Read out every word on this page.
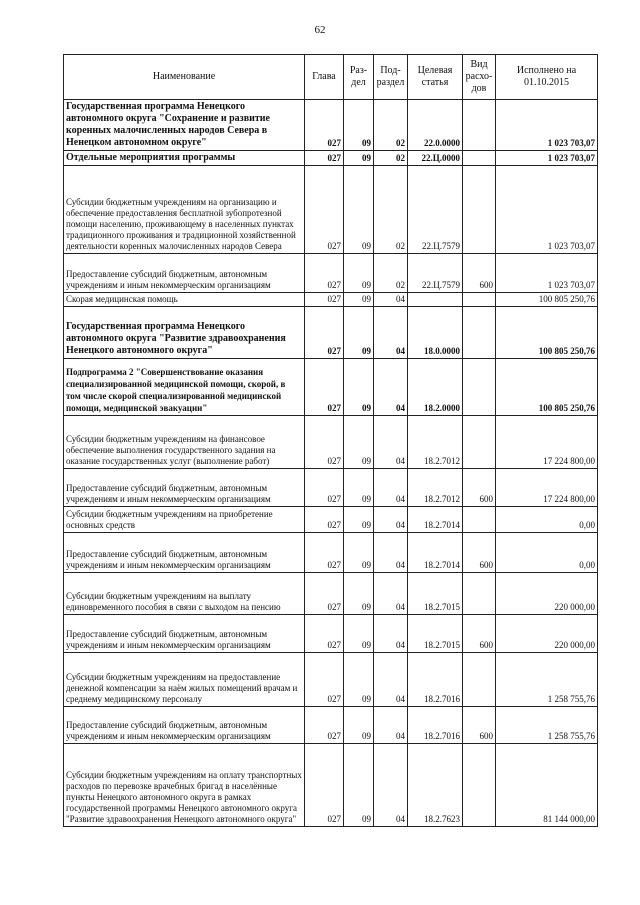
62
Наименование	Глава	Раз-дел	Под-раздел	Целевая статья	Вид расхо-дов	Исполнено на 01.10.2015
Государственная программа Ненецкого автономного округа "Сохранение и развитие коренных малочисленных народов Севера в Ненецком автономном округе"	027	09	02	22.0.0000		1 023 703,07
Отдельные мероприятия программы	027	09	02	22.Ц.0000		1 023 703,07
Субсидии бюджетным учреждениям на организацию и обеспечение предоставления бесплатной зубопротезной помощи населению, проживающему в населенных пунктах традиционного проживания и традиционной хозяйственной деятельности коренных малочисленных народов Севера	027	09	02	22.Ц.7579		1 023 703,07
Предоставление субсидий бюджетным, автономным учреждениям и иным некоммерческим организациям	027	09	02	22.Ц.7579	600	1 023 703,07
Скорая медицинская помощь	027	09	04			100 805 250,76
Государственная программа Ненецкого автономного округа "Развитие здравоохранения Ненецкого автономного округа"	027	09	04	18.0.0000		100 805 250,76
Подпрограмма 2 "Совершенствование оказания специализированной медицинской помощи, скорой, в том числе скорой специализированной медицинской помощи, медицинской эвакуации"	027	09	04	18.2.0000		100 805 250,76
Субсидии бюджетным учреждениям на финансовое обеспечение выполнения государственного задания на оказание государственных услуг (выполнение работ)	027	09	04	18.2.7012		17 224 800,00
Предоставление субсидий бюджетным, автономным учреждениям и иным некоммерческим организациям	027	09	04	18.2.7012	600	17 224 800,00
Субсидии бюджетным учреждениям на приобретение основных средств	027	09	04	18.2.7014		0,00
Предоставление субсидий бюджетным, автономным учреждениям и иным некоммерческим организациям	027	09	04	18.2.7014	600	0,00
Субсидии бюджетным учреждениям на выплату единовременного пособия в связи с выходом на пенсию	027	09	04	18.2.7015		220 000,00
Предоставление субсидий бюджетным, автономным учреждениям и иным некоммерческим организациям	027	09	04	18.2.7015	600	220 000,00
Субсидии бюджетным учреждениям на предоставление денежной компенсации за наём жилых помещений врачам и среднему медицинскому персоналу	027	09	04	18.2.7016		1 258 755,76
Предоставление субсидий бюджетным, автономным учреждениям и иным некоммерческим организациям	027	09	04	18.2.7016	600	1 258 755,76
Субсидии бюджетным учреждениям на оплату транспортных расходов по перевозке врачебных бригад в населённые пункты Ненецкого автономного округа в рамках государственной программы Ненецкого автономного округа "Развитие здравоохранения Ненецкого автономного округа"	027	09	04	18.2.7623		81 144 000,00
